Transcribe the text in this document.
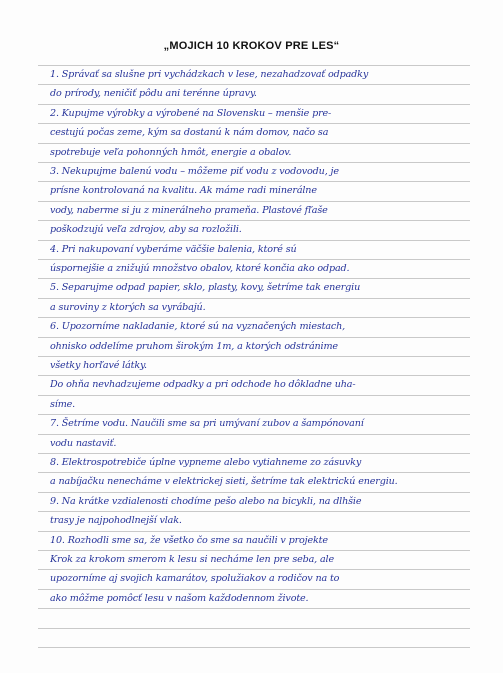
„MOJICH 10 KROKOV PRE LES“
1. Správať sa slušne pri vychádzkach v lese, nezahadzovať odpadky
do prírody, neničiť pôdu ani terénne úpravy.
2. Kupujme výrobky a výrobené na Slovensku – menšie pre-
cestujú počas zeme, kým sa dostanú k nám domov, načo sa
spotrebuje veľa pohonných hmôt, energie a obalov.
3. Nekupujme balenú vodu – môžeme piť vodu z vodovodu, je
prísne kontrolovaná na kvalitu. Ak máme radi minerálne
vody, naberme si ju z minerálneho prameňa. Plastové fľaše
poškodzujú veľa zdrojov, aby sa rozložili.
4. Pri nakupovaní vyberáme väčšie balenia, ktoré sú
úspornejšie a znižujú množstvo obalov, ktoré končia ako odpad.
5. Separujme odpad papier, sklo, plasty, kovy, šetríme tak energiu
a suroviny z ktorých sa vyrábajú.
6. Upozorníme nakladanie, ktoré sú na vyznačených miestach,
ohnisko oddelíme pruhom širokým 1m, a ktorých odstránime
všetky horľavé látky.
Do ohňa nevhadzujeme odpadky a pri odchode ho dôkladne uha-
síme.
7. Šetríme vodu. Naučili sme sa pri umývaní zubov a šampónovaní
vodu nastaviť.
8. Elektrospotrebiče úplne vypneme alebo vytiahneme zo zásuvky
a nabíjačku nenecháme v elektrickej sieti, šetríme tak elektrickú energiu.
9. Na krátke vzdialenosti chodíme pešo alebo na bicykli, na dlhšie
trasy je najpohodlnejší vlak.
10. Rozhodli sme sa, že všetko čo sme sa naučili v projekte
Krok za krokom smerom k lesu si necháme len pre seba, ale
upozorníme aj svojich kamarátov, spolužiakov a rodičov na to
ako môžme pomôcť lesu v našom každodennom živote.
